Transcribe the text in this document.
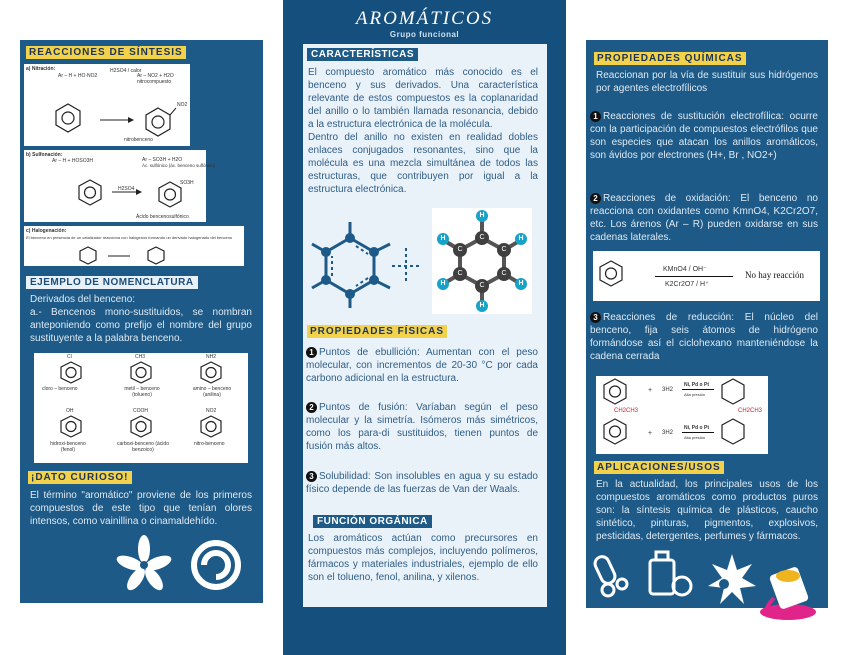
REACCIONES DE SÍNTESIS
a) Nitración:
Ar – H + HO·NO2
H2SO4 / calor
Ar – NO2 + H2O
nitrocompuesto
NO2
nitrobenceno
b) Sulfonación:
Ar – H + HOSO3H	Ar – SO3H + H2O
Ác. sulfónico (ác. benceno sulfónico)
H2SO4
SO3H
Ácido bencenosulfónico
c) Halogenación:
El benceno en presencia de un catalizador reacciona con halógenos formando un derivado halogenado del benceno
EJEMPLO DE NOMENCLATURA
Derivados del benceno:
a.- Bencenos mono-sustituidos, se nombran anteponiendo como prefijo el nombre del grupo sustituyente a la palabra benceno.
Cl
cloro – benceno
CH3
metil – benceno (tolueno)
NH2
amino – benceno (anilina)
OH
hidroxi-benceno (fenol)
COOH
carboxi-benceno (ácido benzoico)
NO2
nitro-benceno
¡DATO CURIOSO!
El término "aromático" proviene de los primeros compuestos de este tipo que tenían olores intensos, como vainillina o cinamaldehído.
AROMÁTICOS
Grupo funcional
CARACTERÍSTICAS
El compuesto aromático más conocido es el benceno y sus derivados. Una característica relevante de estos compuestos es la coplanaridad del anillo o lo también llamada resonancia, debido a la estructura electrónica de la molécula.
Dentro del anillo no existen en realidad dobles enlaces conjugados resonantes, sino que la molécula es una mezcla simultánea de todos las estructuras, que contribuyen por igual a la estructura electrónica.
C
C
C
C
C
C
H
H
H
H
H
H
PROPIEDADES FÍSICAS
1 Puntos de ebullición: Aumentan con el peso molecular, con incrementos de 20-30 °C por cada carbono adicional en la estructura.
2 Puntos de fusión: Varíaban según el peso molecular y la simetría. Isómeros más simétricos, como los para-di sustituidos, tienen puntos de fusión más altos.
3 Solubilidad: Son insolubles en agua y su estado físico depende de las fuerzas de Van der Waals.
FUNCIÓN ORGÁNICA
Los aromáticos actúan como precursores en compuestos más complejos, incluyendo polímeros, fármacos y materiales industriales, ejemplo de ello son el tolueno, fenol, anilina, y xilenos.
PROPIEDADES QUÍMICAS
Reaccionan por la vía de sustituir sus hidrógenos por agentes electrofílicos
1 Reacciones de sustitución electrofílica: ocurre con la participación de compuestos electrófilos que son especies que atacan los anillos aromáticos, son ávidos por electrones (H+, Br , NO2+)
2 Reacciones de oxidación: El benceno no reacciona con oxidantes como KmnO4, K2Cr2O7, etc. Los árenos (Ar – R) pueden oxidarse en sus cadenas laterales.
KMnO4 / OH⁻
K2Cr2O7 / H⁺
No hay reacción
3 Reacciones de reducción: El núcleo del benceno, fija seis átomos de hidrógeno formándose así el ciclohexano manteniéndose la cadena cerrada
+ 3H2
Ni, Pd o Pt
Alta presión
CH2CH3
+ 3H2
Ni, Pd o Pt
Alta presión
CH2CH3
APLICACIONES/USOS
En la actualidad, los principales usos de los compuestos aromáticos como productos puros son: la síntesis química de plásticos, caucho sintético, pinturas, pigmentos, explosivos, pesticidas, detergentes, perfumes y fármacos.
